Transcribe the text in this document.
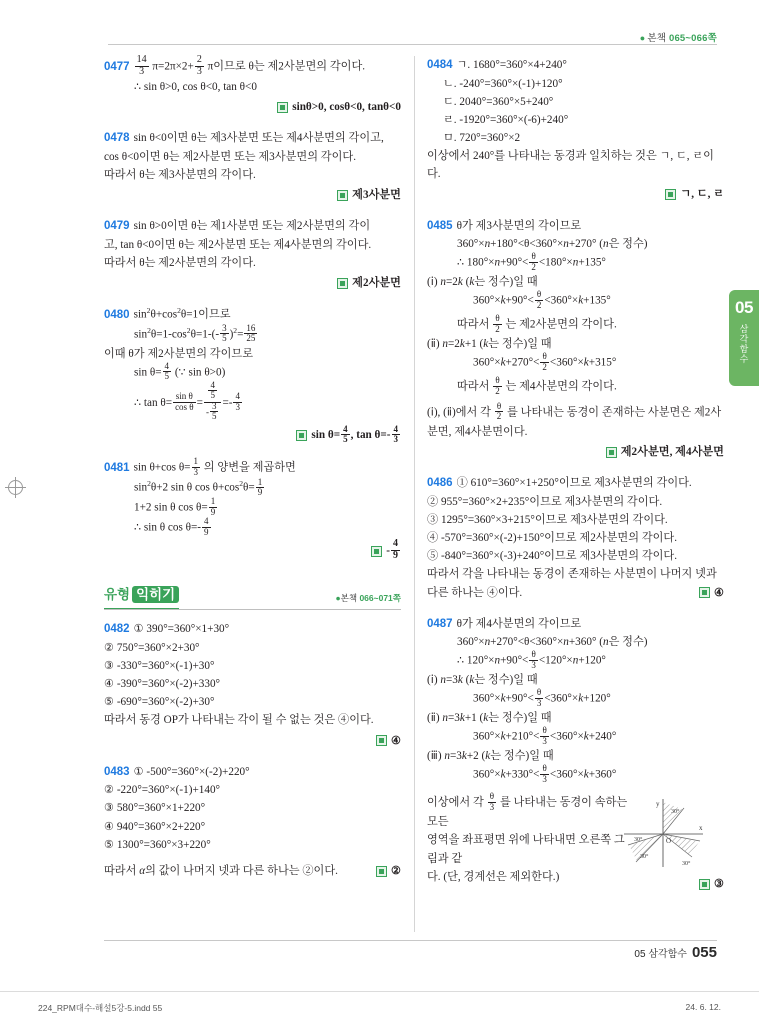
● 본책 065~066쪽
05
삼각함수
$0477 \frac{14}{3} \pi=2\pi\times 2+ \frac{2}{3}$ π이므로 θ는 제2사분면의 각이다.
∴ sin θ>0, cos θ<0, tan θ<0
sinθ>0, cosθ<0, tanθ<0
0478 sin θ<0이면 θ는 제3사분면 또는 제4사분면의 각이고,
cos θ<0이면 θ는 제2사분면 또는 제3사분면의 각이다.
따라서 θ는 제3사분면의 각이다.
제3사분면
0479 sin θ>0이면 θ는 제1사분면 또는 제2사분면의 각이
고, tan θ<0이면 θ는 제2사분면 또는 제4사분면의 각이다.
따라서 θ는 제2사분면의 각이다.
제2사분면
0480 $\sin^2\theta+\cos^2\theta=1$이므로
$\sin^2\theta=1-\cos^2\theta=1-(- \frac{3}{5} )^2= \frac{16}{25}$
이때 θ가 제2사분면의 각이므로
$\sin \theta= \frac{4}{5}$ (∵ sin θ>0)
∴ $\tan \theta= \frac{\text{sin θ}}{\text{cos θ}} = \frac{\frac{4}{5}}{- \frac{3}{5}} =- \frac{4}{3}$
$\sin \theta= \frac{4}{5}$ , $\tan \theta=- \frac{4}{3}$
0481 sin θ+cos $\theta= \frac{1}{3}$ 의 양변을 제곱하면
$\sin^2\theta+2$ sin θ $\cos \theta+\cos^2\theta= \frac{1}{9}$
1+2 sin θ $\cos \theta= \frac{1}{9}$
∴ sin θ $\cos \theta=- \frac{4}{9}$
- $\frac{4}{9}$
유형 익히기	●본책 066~071쪽
0482 ① 390°=360°×1+30°
② 750°=360°×2+30°
③ -330°=360°×(-1)+30°
④ -390°=360°×(-2)+330°
⑤ -690°=360°×(-2)+30°
따라서 동경 OP가 나타내는 각이 될 수 없는 것은 ④이다.
④
0483 ① -500°=360°×(-2)+220°
② -220°=360°×(-1)+140°
③ 580°=360°×1+220°
④ 940°=360°×2+220°
⑤ 1300°=360°×3+220°
따라서 α의 값이 나머지 넷과 다른 하나는 ②이다.	②
0484 ㄱ. 1680°=360°×4+240°
ㄴ. -240°=360°×(-1)+120°
ㄷ. 2040°=360°×5+240°
ㄹ. -1920°=360°×(-6)+240°
ㅁ. 720°=360°×2
이상에서 240°를 나타내는 동경과 일치하는 것은 ㄱ, ㄷ, ㄹ이다.
ㄱ, ㄷ, ㄹ
0485 θ가 제3사분면의 각이므로
360°×n+180°<θ<360°×n+270° (n은 정수)
∴ $180^\circ\times n+90^\circ< \frac{\theta}{2} <180^\circ\times n+135^\circ$
(ⅰ) n=2k (k는 정수)일 때
$360^\circ\times k+90^\circ< \frac{\theta}{2} <360^\circ\times k+135^\circ$
따라서 $\frac{\theta}{2}$ 는 제2사분면의 각이다.
(ⅱ) n=2k+1 (k는 정수)일 때
$360^\circ\times k+270^\circ< \frac{\theta}{2} <360^\circ\times k+315^\circ$
따라서 $\frac{\theta}{2}$ 는 제4사분면의 각이다.
(ⅰ), (ⅱ)에서 각 $\frac{\theta}{2}$ 를 나타내는 동경이 존재하는 사분면은 제2사분면, 제4사분면이다.
제2사분면, 제4사분면
0486 ① 610°=360°×1+250°이므로 제3사분면의 각이다.
② 955°=360°×2+235°이므로 제3사분면의 각이다.
③ 1295°=360°×3+215°이므로 제3사분면의 각이다.
④ -570°=360°×(-2)+150°이므로 제2사분면의 각이다.
⑤ -840°=360°×(-3)+240°이므로 제3사분면의 각이다.
따라서 각을 나타내는 동경이 존재하는 사분면이 나머지 넷과 다른 하나는 ④이다.	④
0487 θ가 제4사분면의 각이므로
360°×n+270°<θ<360°×n+360° (n은 정수)
∴ $120^\circ\times n+90^\circ< \frac{\theta}{3} <120^\circ\times n+120^\circ$
(ⅰ) n=3k (k는 정수)일 때
$360^\circ\times k+90^\circ< \frac{\theta}{3} <360^\circ\times k+120^\circ$
(ⅱ) n=3k+1 (k는 정수)일 때
$360^\circ\times k+210^\circ< \frac{\theta}{3} <360^\circ\times k+240^\circ$
(ⅲ) n=3k+2 (k는 정수)일 때
$360^\circ\times k+330^\circ< \frac{\theta}{3} <360^\circ\times k+360^\circ$
이상에서 각 $\frac{\theta}{3}$ 를 나타내는 동경이 속하는 모든
영역을 좌표평면 위에 나타내면 오른쪽 그림과 같
다. (단, 경계선은 제외한다.)
y
x
O
30°
30°
30°
30°
③
05 삼각함수 055
224_RPM대수-해설5강-5.indd 55	24. 6. 12.
